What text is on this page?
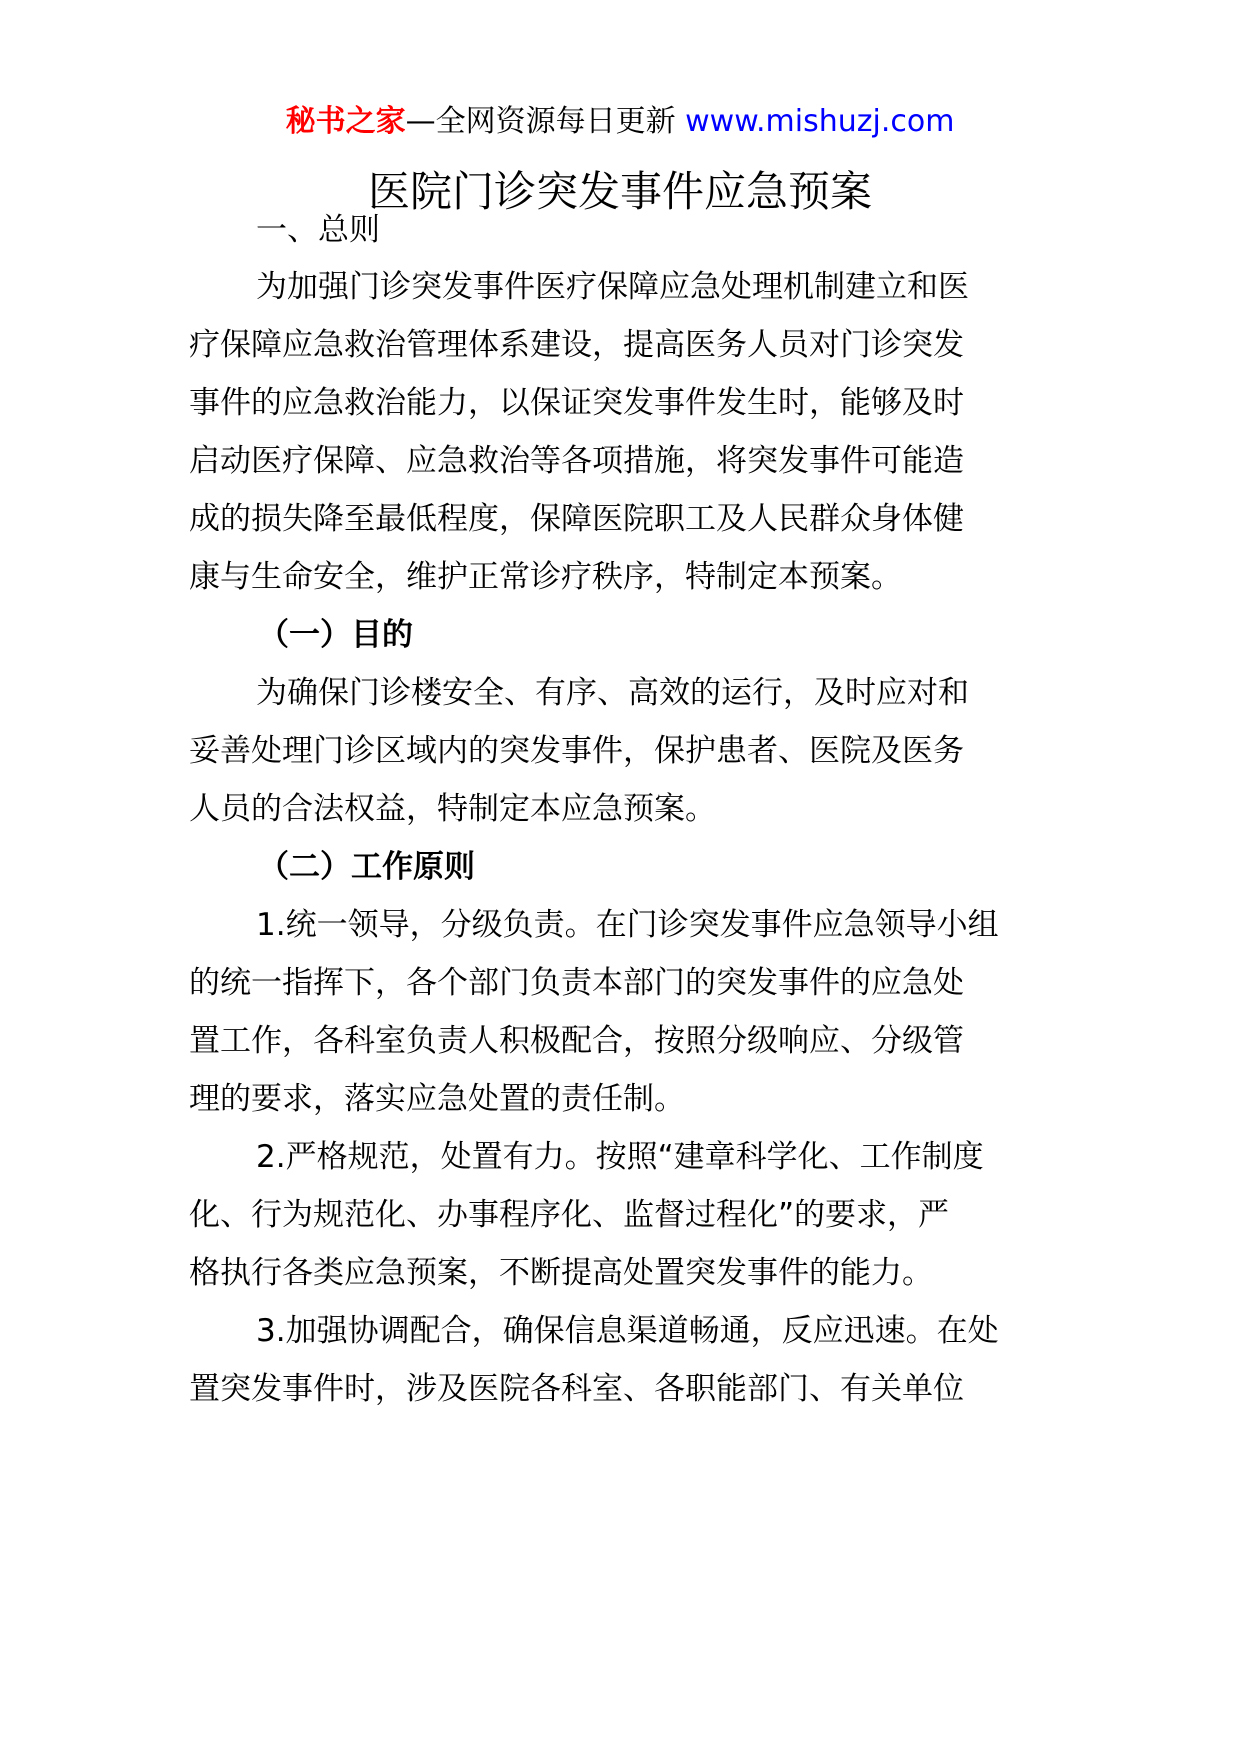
秘书之家—全网资源每日更新 www.mishuzj.com
医院门诊突发事件应急预案
一、总则
为加强门诊突发事件医疗保障应急处理机制建立和医
疗保障应急救治管理体系建设，提高医务人员对门诊突发
事件的应急救治能力，以保证突发事件发生时，能够及时
启动医疗保障、应急救治等各项措施，将突发事件可能造
成的损失降至最低程度，保障医院职工及人民群众身体健
康与生命安全，维护正常诊疗秩序，特制定本预案。
（一）目的
为确保门诊楼安全、有序、高效的运行，及时应对和
妥善处理门诊区域内的突发事件，保护患者、医院及医务
人员的合法权益，特制定本应急预案。
（二）工作原则
1.统一领导，分级负责。在门诊突发事件应急领导小组
的统一指挥下，各个部门负责本部门的突发事件的应急处
置工作，各科室负责人积极配合，按照分级响应、分级管
理的要求，落实应急处置的责任制。
2.严格规范，处置有力。按照“建章科学化、工作制度
化、行为规范化、办事程序化、监督过程化”的要求，严
格执行各类应急预案，不断提高处置突发事件的能力。
3.加强协调配合，确保信息渠道畅通，反应迅速。在处
置突发事件时，涉及医院各科室、各职能部门、有关单位
